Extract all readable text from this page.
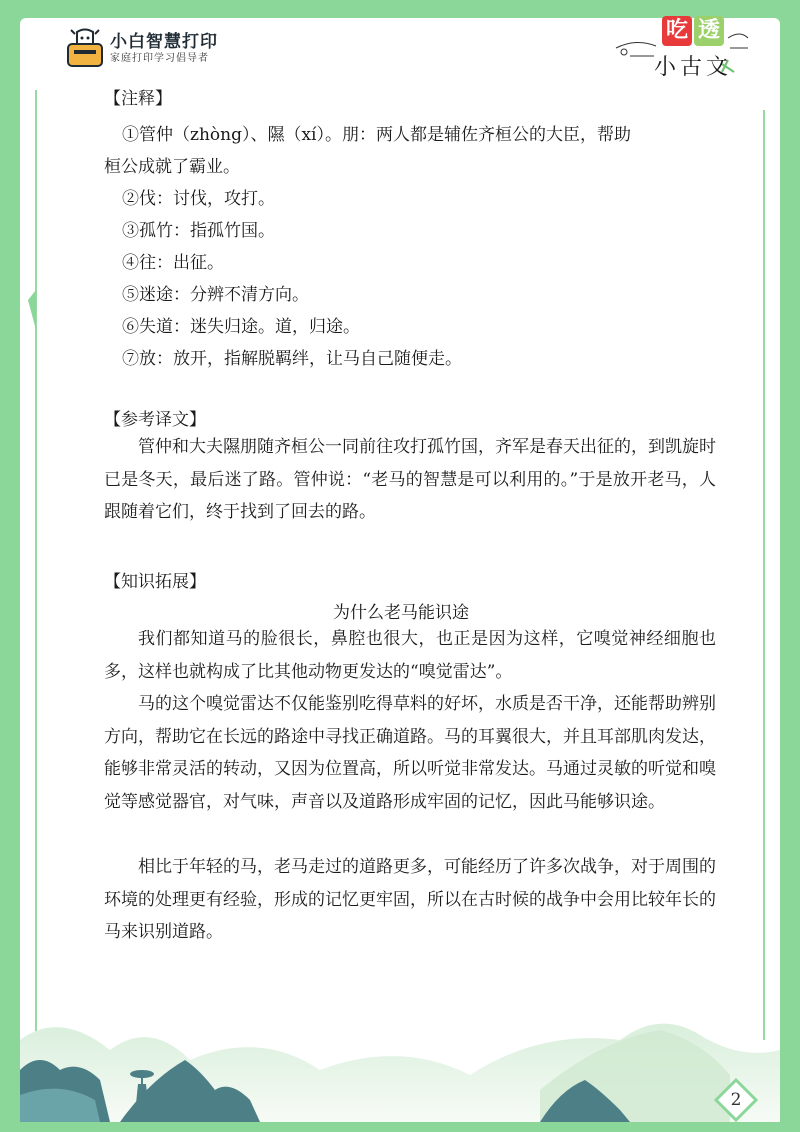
小白智慧打印
家庭打印学习倡导者
吃 透
小古文
【注释】
①管仲（zhòng）、隰（xí）。朋：两人都是辅佐齐桓公的大臣，帮助
桓公成就了霸业。
②伐：讨伐，攻打。
③孤竹：指孤竹国。
④往：出征。
⑤迷途：分辨不清方向。
⑥失道：迷失归途。道，归途。
⑦放：放开，指解脱羁绊，让马自己随便走。
【参考译文】
管仲和大夫隰朋随齐桓公一同前往攻打孤竹国，齐军是春天出征的，到凯旋时已是冬天，最后迷了路。管仲说：“老马的智慧是可以利用的。”于是放开老马，人跟随着它们，终于找到了回去的路。
【知识拓展】
为什么老马能识途
我们都知道马的脸很长，鼻腔也很大，也正是因为这样，它嗅觉神经细胞也多，这样也就构成了比其他动物更发达的“嗅觉雷达”。
马的这个嗅觉雷达不仅能鉴别吃得草料的好坏，水质是否干净，还能帮助辨别方向，帮助它在长远的路途中寻找正确道路。马的耳翼很大，并且耳部肌肉发达，能够非常灵活的转动，又因为位置高，所以听觉非常发达。马通过灵敏的听觉和嗅觉等感觉器官，对气味，声音以及道路形成牢固的记忆，因此马能够识途。
相比于年轻的马，老马走过的道路更多，可能经历了许多次战争，对于周围的环境的处理更有经验，形成的记忆更牢固，所以在古时候的战争中会用比较年长的马来识别道路。
2
